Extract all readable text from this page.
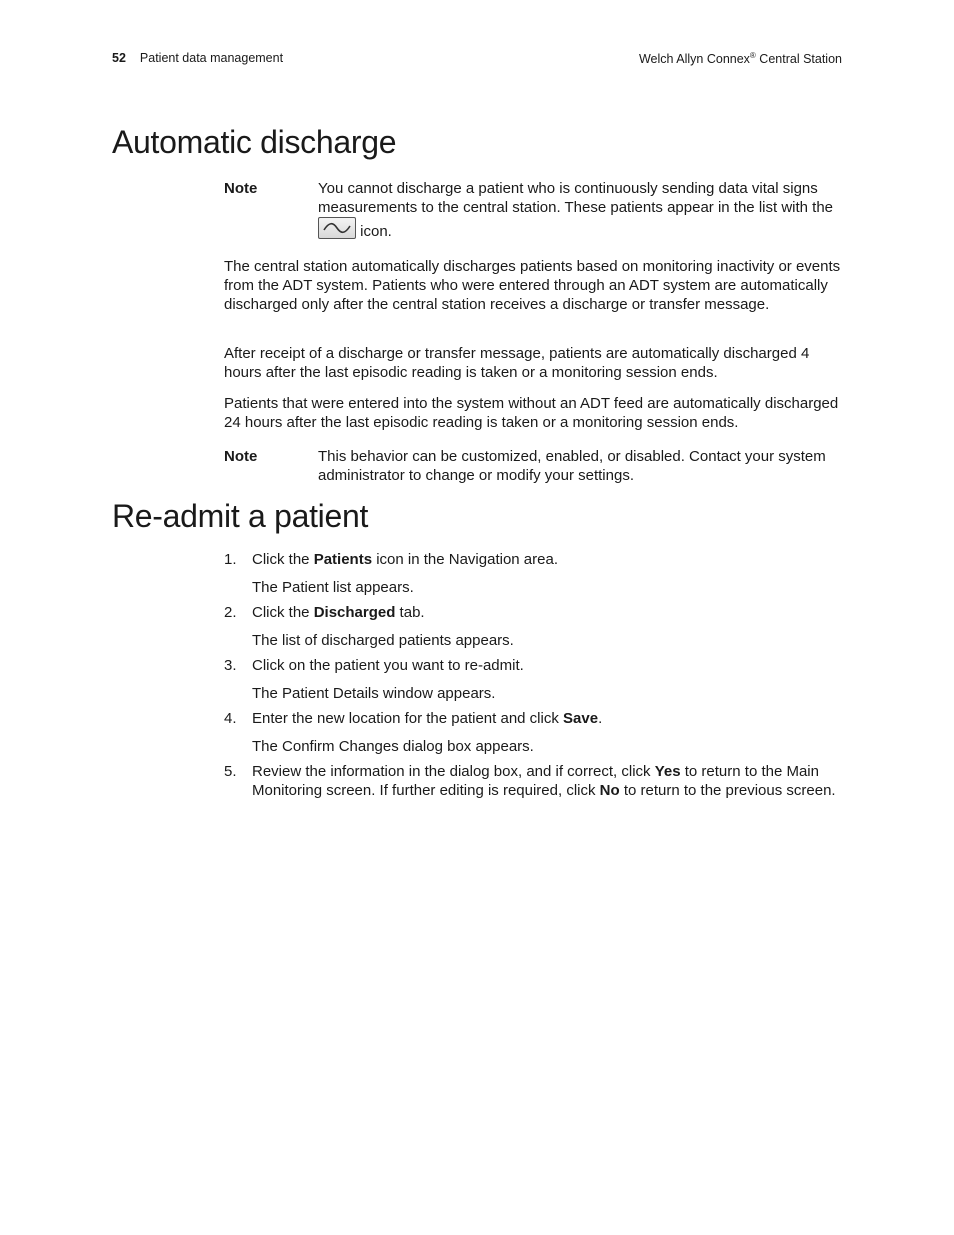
52 Patient data management	Welch Allyn Connex® Central Station
Automatic discharge
Note	You cannot discharge a patient who is continuously sending data vital signs measurements to the central station. These patients appear in the list with the
icon.

The central station automatically discharges patients based on monitoring inactivity or events from the ADT system. Patients who were entered through an ADT system are automatically discharged only after the central station receives a discharge or transfer message.

After receipt of a discharge or transfer message, patients are automatically discharged 4 hours after the last episodic reading is taken or a monitoring session ends.

Patients that were entered into the system without an ADT feed are automatically discharged 24 hours after the last episodic reading is taken or a monitoring session ends.

Note	This behavior can be customized, enabled, or disabled. Contact your system administrator to change or modify your settings.
Re-admit a patient
1. Click the Patients icon in the Navigation area.
The Patient list appears.
2. Click the Discharged tab.
The list of discharged patients appears.
3. Click on the patient you want to re-admit.
The Patient Details window appears.
4. Enter the new location for the patient and click Save.
The Confirm Changes dialog box appears.
5. Review the information in the dialog box, and if correct, click Yes to return to the Main Monitoring screen. If further editing is required, click No to return to the previous screen.
